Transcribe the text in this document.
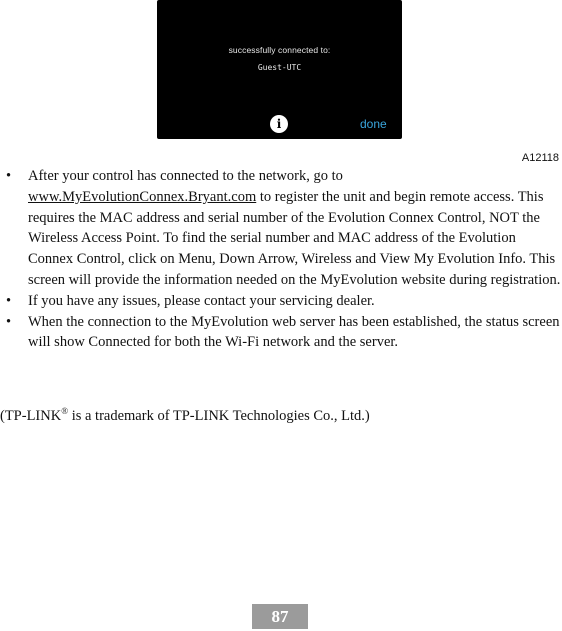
successfully connected to:
Guest-UTC
i	done
A12118
• After your control has connected to the network, go to www.MyEvolutionConnex.Bryant.com to register the unit and begin remote access. This requires the MAC address and serial number of the Evolution Connex Control, NOT the Wireless Access Point. To find the serial number and MAC address of the Evolution Connex Control, click on Menu, Down Arrow, Wireless and View My Evolution Info. This screen will provide the information needed on the MyEvolution website during registration.
• If you have any issues, please contact your servicing dealer.
• When the connection to the MyEvolution web server has been established, the status screen will show Connected for both the Wi-Fi network and the server.
(TP-LINK® is a trademark of TP-LINK Technologies Co., Ltd.)
87
